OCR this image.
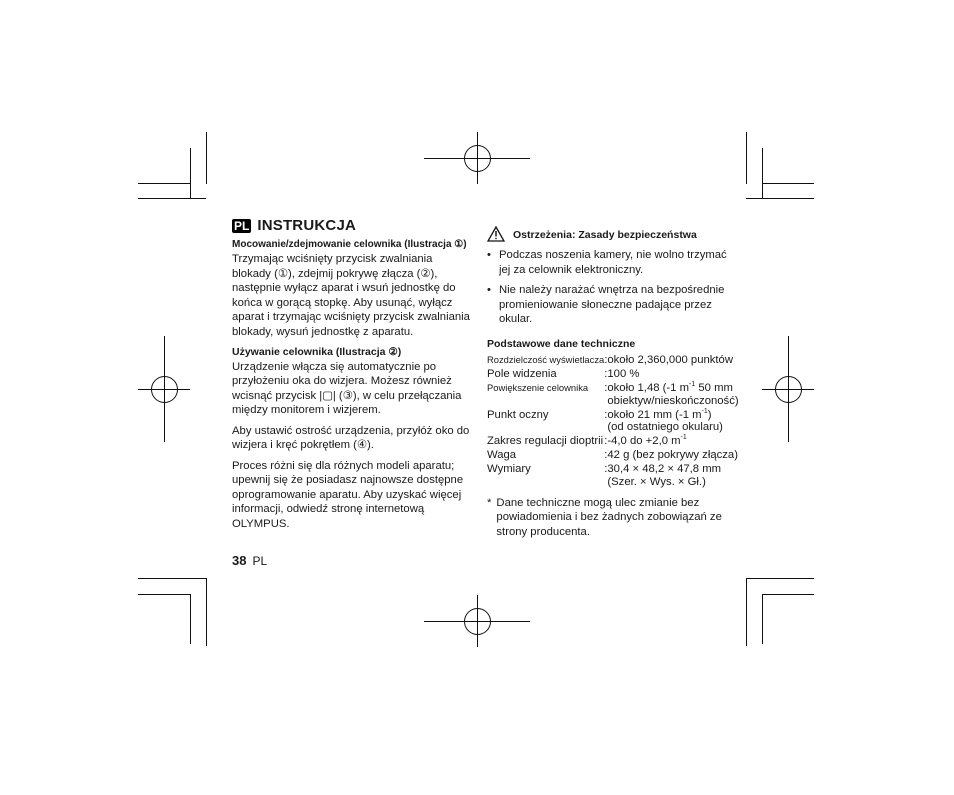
PL INSTRUKCJA
Mocowanie/zdejmowanie celownika (Ilustracja ①)

Trzymając wciśnięty przycisk zwalniania blokady (①), zdejmij pokrywę złącza (②), następnie wyłącz aparat i wsuń jednostkę do końca w gorącą stopkę. Aby usunąć, wyłącz aparat i trzymając wciśnięty przycisk zwalniania blokady, wysuń jednostkę z aparatu.

Używanie celownika (Ilustracja ②)

Urządzenie włącza się automatycznie po przyłożeniu oka do wizjera. Możesz również wcisnąć przycisk |▢| (③), w celu przełączania między monitorem i wizjerem.

Aby ustawić ostrość urządzenia, przyłóż oko do wizjera i kręć pokrętłem (④).

Proces różni się dla różnych modeli aparatu; upewnij się że posiadasz najnowsze dostępne oprogramowanie aparatu. Aby uzyskać więcej informacji, odwiedź stronę internetową OLYMPUS.

Ostrzeżenia: Zasady bezpieczeństwa
• Podczas noszenia kamery, nie wolno trzymać jej za celownik elektroniczny.
• Nie należy narażać wnętrza na bezpośrednie promieniowanie słoneczne padające przez okular.
Podstawowe dane techniczne
Rozdzielczość wyświetlacza	:	około 2,360,000 punktów
Pole widzenia	:	100 %
Powiększenie celownika	:	około 1,48 (-1 $m^{-1}$ 50 mm
obiektyw/nieskończoność)
Punkt oczny	:	około 21 mm (-1 $m^{-1}$)
(od ostatniego okularu)
Zakres regulacji dioptrii	:	-4,0 do +2,0 $m^{-1}$
Waga	:	42 g (bez pokrywy złącza)
Wymiary	:	30,4 × 48,2 × 47,8 mm
(Szer. × Wys. × Gł.)
* Dane techniczne mogą ulec zmianie bez powiadomienia i bez żadnych zobowiązań ze strony producenta.
38 PL
